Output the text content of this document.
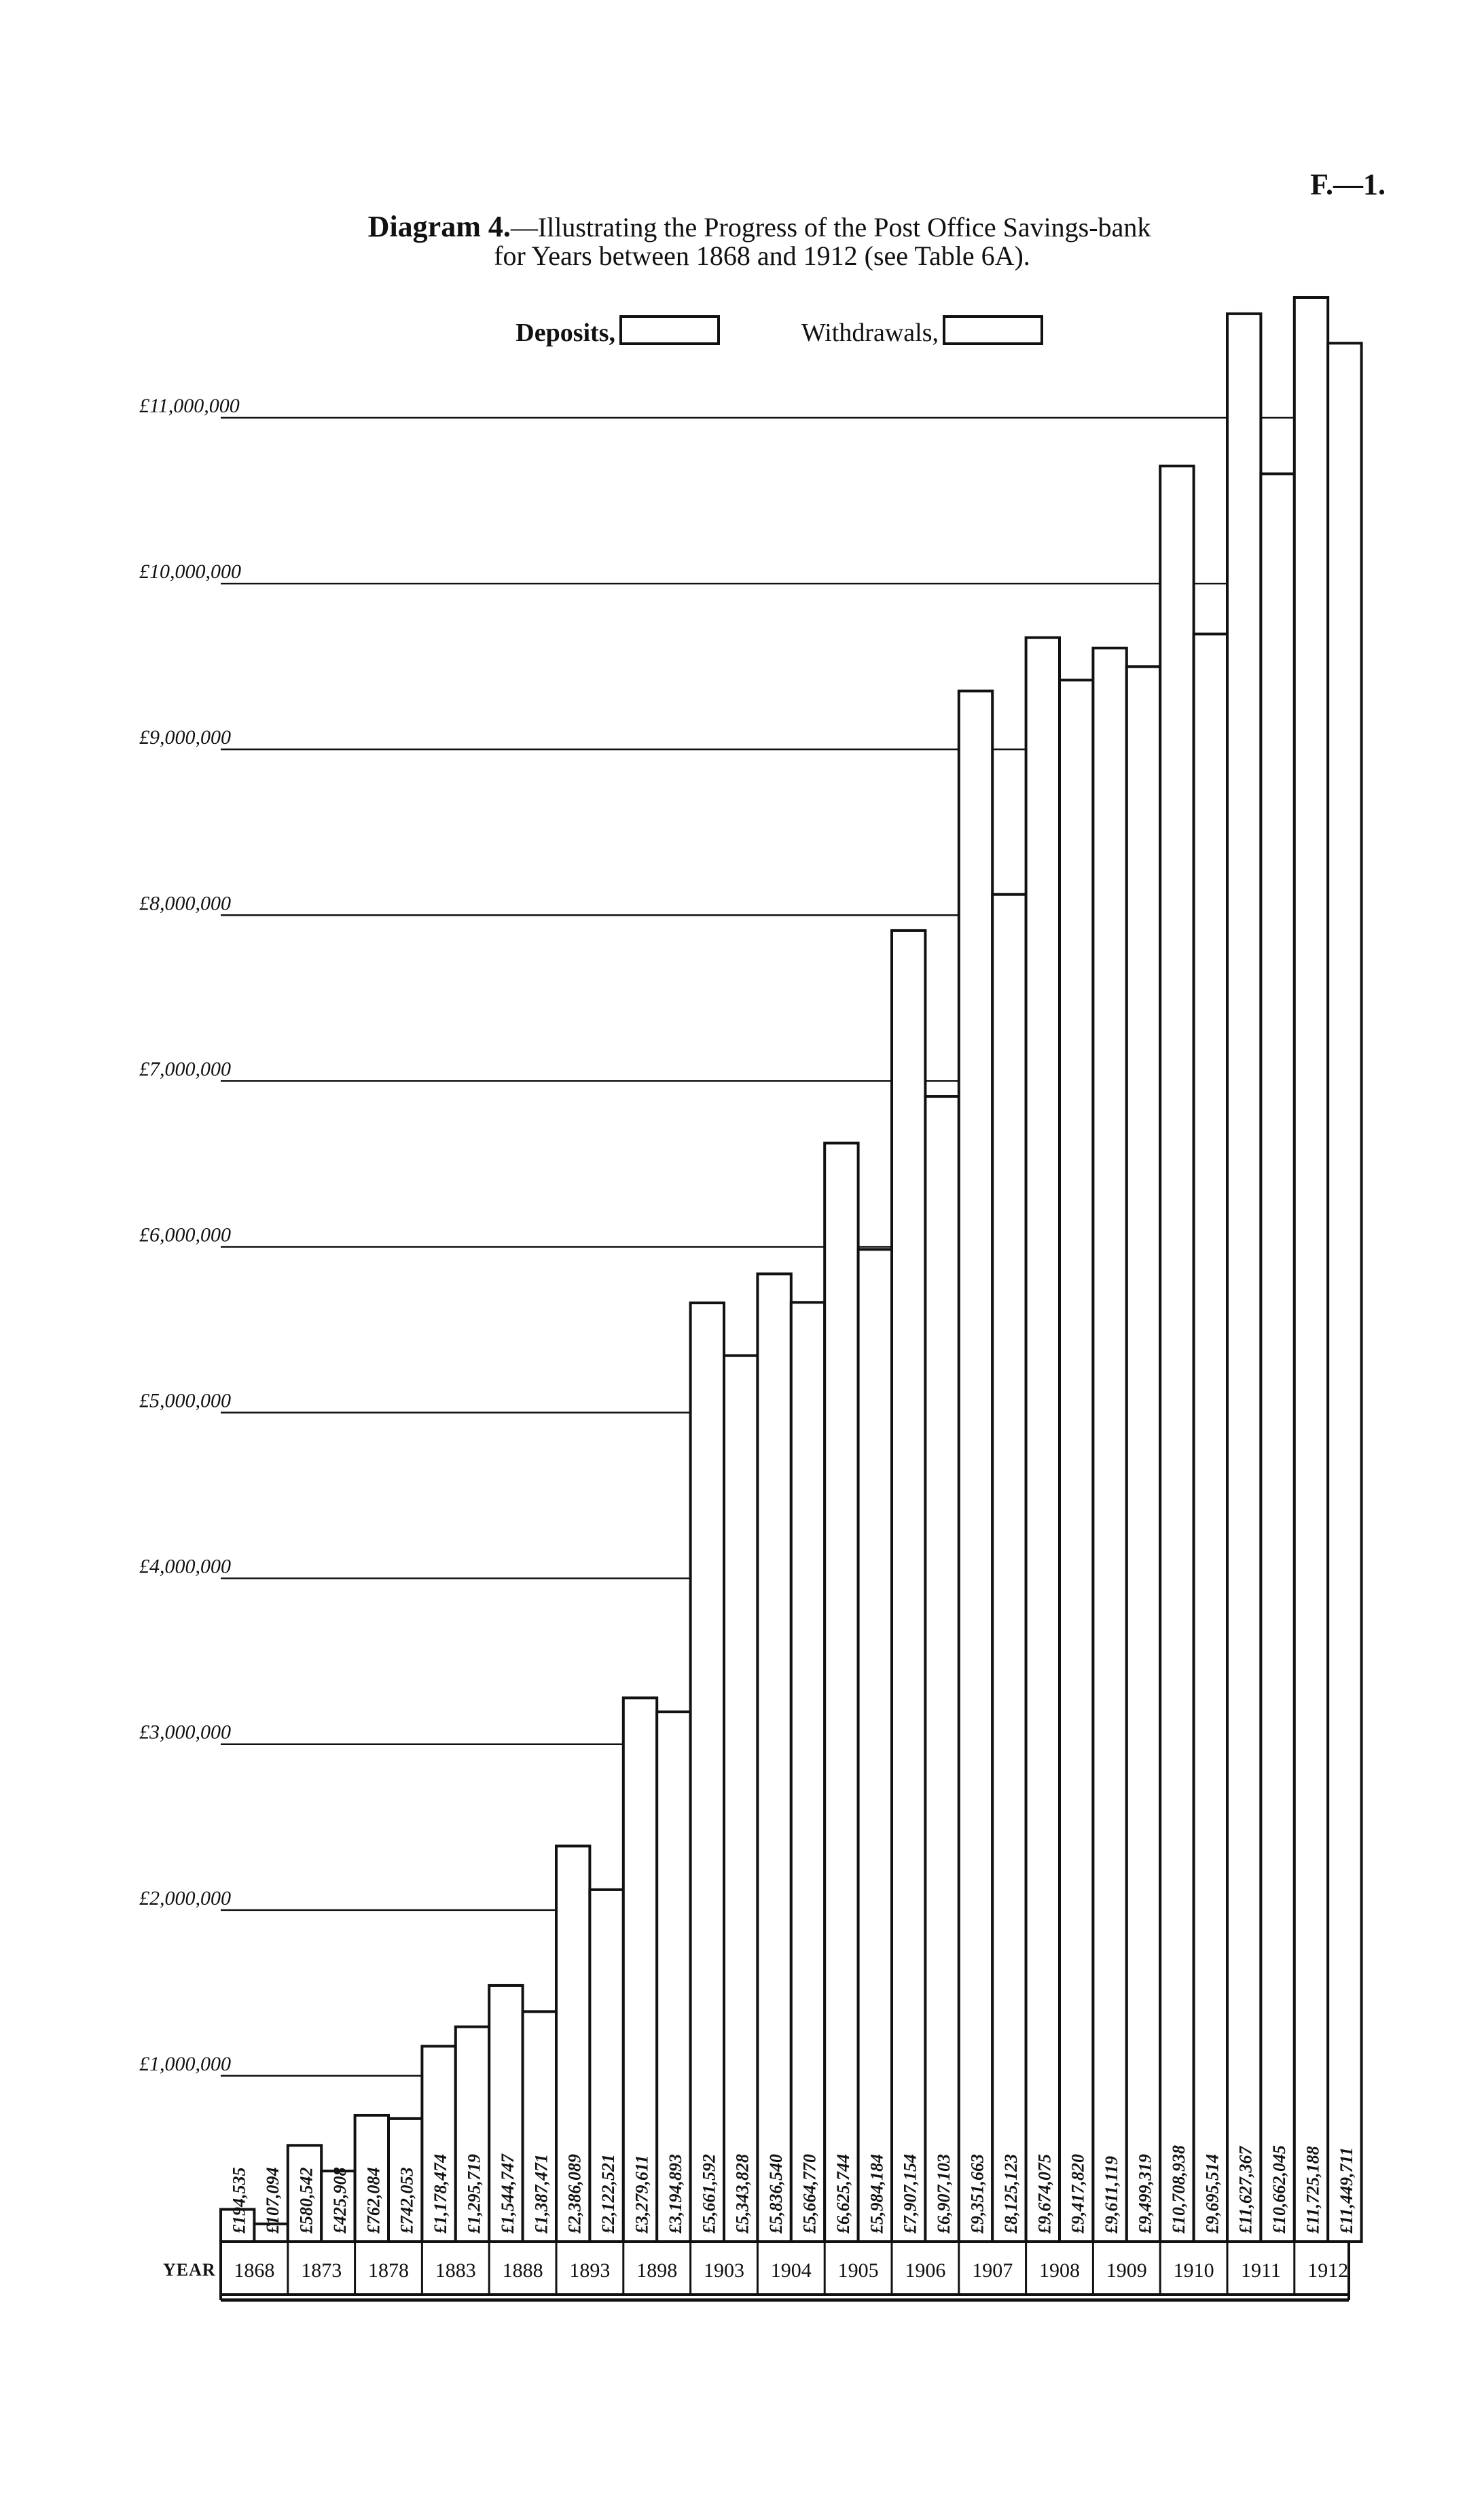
F.—1.
Diagram 4.—Illustrating the Progress of the Post Office Savings-bank
for Years between 1868 and 1912 (see Table 6A).
Deposits,	Withdrawals,
£1,000,000
£2,000,000
£3,000,000
£4,000,000
£5,000,000
£6,000,000
£7,000,000
£8,000,000
£9,000,000
£10,000,000
£11,000,000
£194,535 £107,094 £580,542 £425,908 £762,084 £742,053 £1,178,474 £1,295,719 £1,544,747 £1,387,471 £2,386,089 £2,122,521 £3,279,611 £3,194,893 £5,661,592 £5,343,828 £5,836,540 £5,664,770 £6,625,744 £5,984,184 £7,907,154 £6,907,103 £9,351,663 £8,125,123 £9,674,075 £9,417,820 £9,611,119 £9,499,319 £10,708,938 £9,695,514 £11,627,367 £10,662,045 £11,725,188 £11,449,711
YEAR 1868 1873 1878 1883 1888 1893 1898 1903 1904 1905 1906 1907 1908 1909 1910 1911 1912
